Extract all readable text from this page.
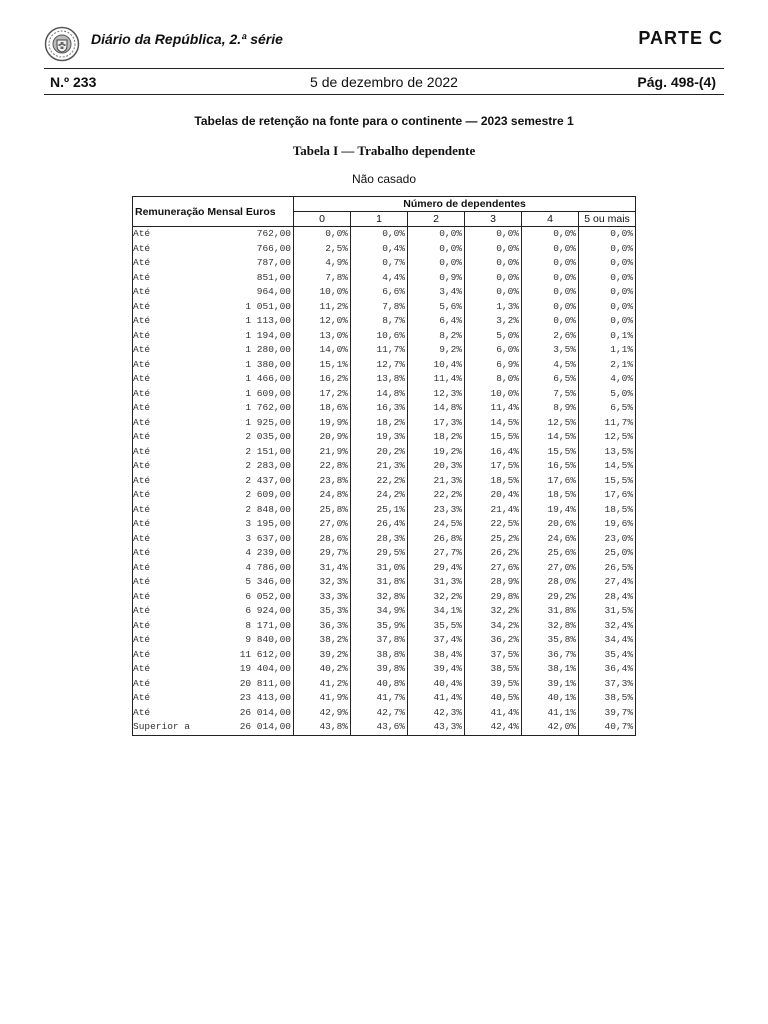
Diário da República, 2.ª série	PARTE C
N.º 233	5 de dezembro de 2022	Pág. 498-(4)
Tabelas de retenção na fonte para o continente — 2023 semestre 1
Tabela I — Trabalho dependente
Não casado
Remuneração Mensal Euros	Número de dependentes					
	0	1	2	3	4	5 ou mais

Até 762,00	0,0%	0,0%	0,0%	0,0%	0,0%	0,0%

Até 766,00	2,5%	0,4%	0,0%	0,0%	0,0%	0,0%

Até 787,00	4,9%	0,7%	0,0%	0,0%	0,0%	0,0%

Até 851,00	7,8%	4,4%	0,9%	0,0%	0,0%	0,0%

Até 964,00	10,0%	6,6%	3,4%	0,0%	0,0%	0,0%

Até 1 051,00	11,2%	7,8%	5,6%	1,3%	0,0%	0,0%

Até 1 113,00	12,0%	8,7%	6,4%	3,2%	0,0%	0,0%

Até 1 194,00	13,0%	10,6%	8,2%	5,0%	2,6%	0,1%

Até 1 280,00	14,0%	11,7%	9,2%	6,0%	3,5%	1,1%

Até 1 380,00	15,1%	12,7%	10,4%	6,9%	4,5%	2,1%

Até 1 466,00	16,2%	13,8%	11,4%	8,0%	6,5%	4,0%

Até 1 609,00	17,2%	14,8%	12,3%	10,0%	7,5%	5,0%

Até 1 762,00	18,6%	16,3%	14,8%	11,4%	8,9%	6,5%

Até 1 925,00	19,9%	18,2%	17,3%	14,5%	12,5%	11,7%

Até 2 035,00	20,9%	19,3%	18,2%	15,5%	14,5%	12,5%

Até 2 151,00	21,9%	20,2%	19,2%	16,4%	15,5%	13,5%

Até 2 283,00	22,8%	21,3%	20,3%	17,5%	16,5%	14,5%

Até 2 437,00	23,8%	22,2%	21,3%	18,5%	17,6%	15,5%

Até 2 609,00	24,8%	24,2%	22,2%	20,4%	18,5%	17,6%

Até 2 848,00	25,8%	25,1%	23,3%	21,4%	19,4%	18,5%

Até 3 195,00	27,0%	26,4%	24,5%	22,5%	20,6%	19,6%

Até 3 637,00	28,6%	28,3%	26,8%	25,2%	24,6%	23,0%

Até 4 239,00	29,7%	29,5%	27,7%	26,2%	25,6%	25,0%

Até 4 786,00	31,4%	31,0%	29,4%	27,6%	27,0%	26,5%

Até 5 346,00	32,3%	31,8%	31,3%	28,9%	28,0%	27,4%

Até 6 052,00	33,3%	32,8%	32,2%	29,8%	29,2%	28,4%

Até 6 924,00	35,3%	34,9%	34,1%	32,2%	31,8%	31,5%

Até 8 171,00	36,3%	35,9%	35,5%	34,2%	32,8%	32,4%

Até 9 840,00	38,2%	37,8%	37,4%	36,2%	35,8%	34,4%

Até 11 612,00	39,2%	38,8%	38,4%	37,5%	36,7%	35,4%

Até 19 404,00	40,2%	39,8%	39,4%	38,5%	38,1%	36,4%

Até 20 811,00	41,2%	40,8%	40,4%	39,5%	39,1%	37,3%

Até 23 413,00	41,9%	41,7%	41,4%	40,5%	40,1%	38,5%

Até 26 014,00	42,9%	42,7%	42,3%	41,4%	41,1%	39,7%

Superior a 26 014,00	43,8%	43,6%	43,3%	42,4%	42,0%	40,7%
